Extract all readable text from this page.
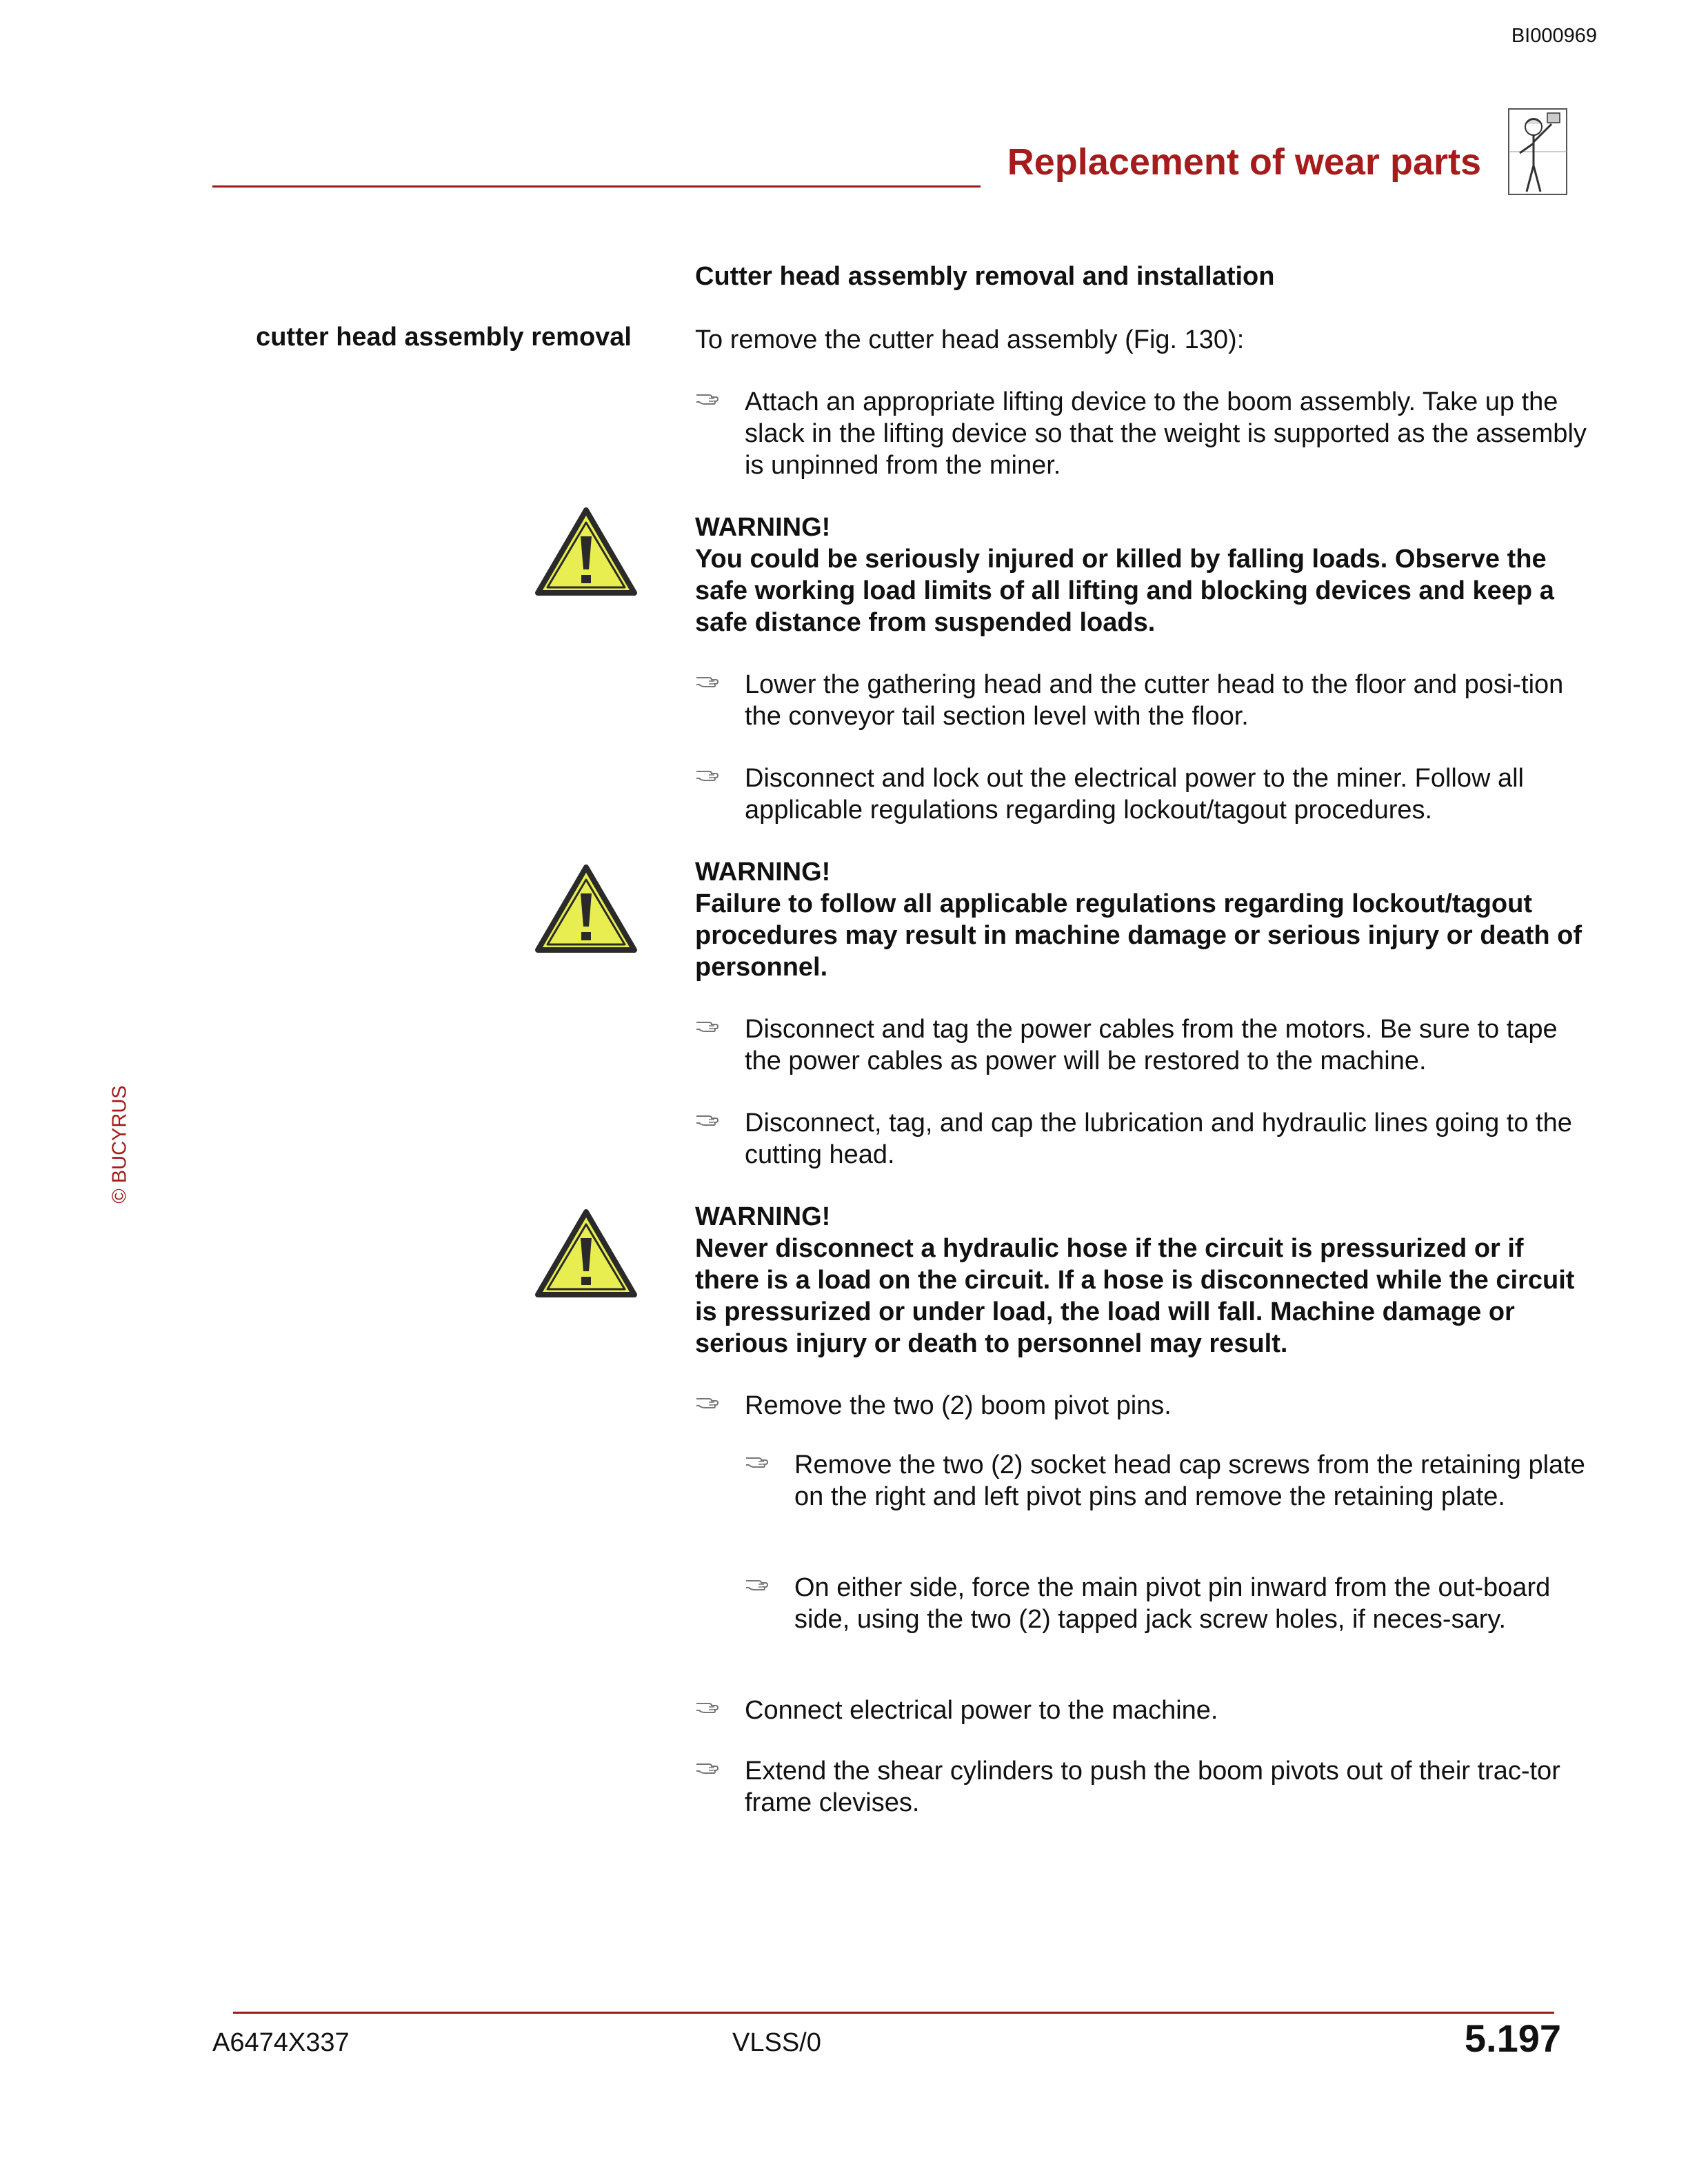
BI000969
Replacement of wear parts
© BUCYRUS
Cutter head assembly removal and installation
cutter head assembly removal To remove the cutter head assembly (Fig. 130):
Attach an appropriate lifting device to the boom assembly. Take up the slack in the lifting device so that the weight is supported as the assembly is unpinned from the miner.
WARNING!
You could be seriously injured or killed by falling loads. Observe the safe working load limits of all lifting and blocking devices and keep a safe distance from suspended loads.
Lower the gathering head and the cutter head to the floor and posi-tion the conveyor tail section level with the floor.
Disconnect and lock out the electrical power to the miner. Follow all applicable regulations regarding lockout/tagout procedures.
WARNING!
Failure to follow all applicable regulations regarding lockout/tagout procedures may result in machine damage or serious injury or death of personnel.
Disconnect and tag the power cables from the motors. Be sure to tape the power cables as power will be restored to the machine.
Disconnect, tag, and cap the lubrication and hydraulic lines going to the cutting head.
WARNING!
Never disconnect a hydraulic hose if the circuit is pressurized or if there is a load on the circuit. If a hose is disconnected while the circuit is pressurized or under load, the load will fall. Machine damage or serious injury or death to personnel may result.
Remove the two (2) boom pivot pins.
Remove the two (2) socket head cap screws from the retaining plate on the right and left pivot pins and remove the retaining plate.
On either side, force the main pivot pin inward from the out-board side, using the two (2) tapped jack screw holes, if neces-sary.
Connect electrical power to the machine.
Extend the shear cylinders to push the boom pivots out of their trac-tor frame clevises.
A6474X337	VLSS/0	5.197
